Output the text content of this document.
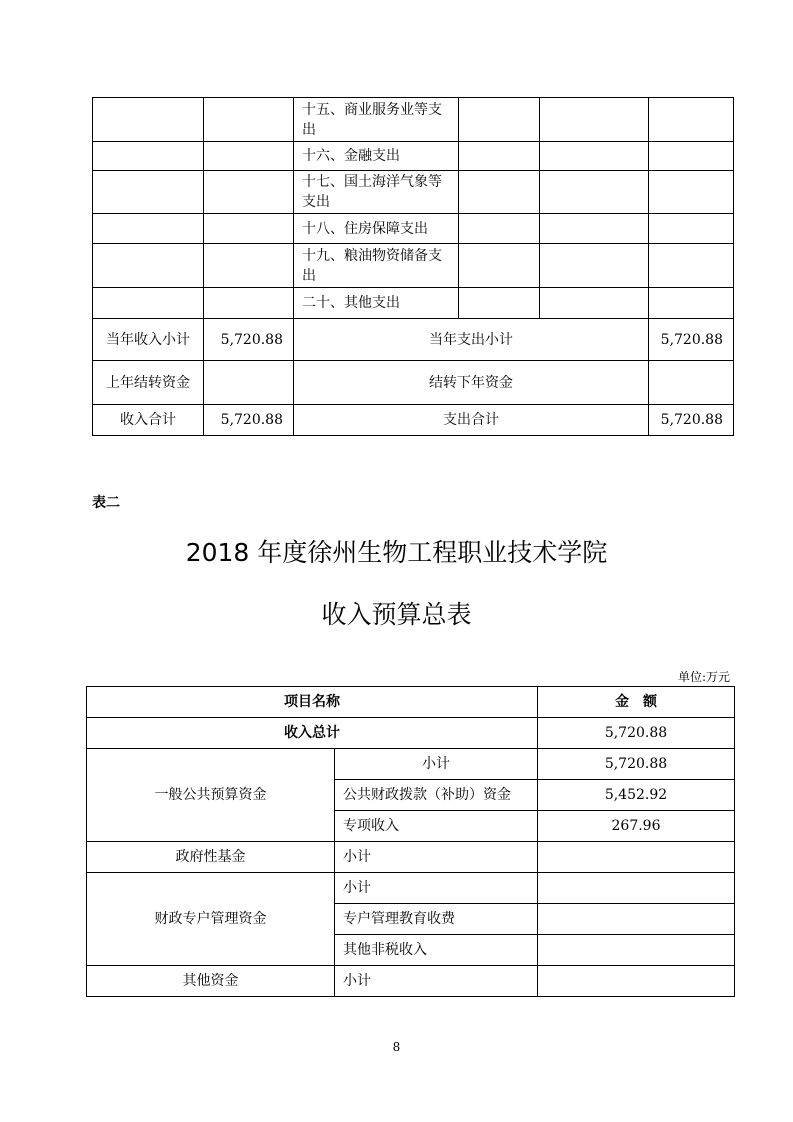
		十五、商业服务业等支出			
		十六、金融支出			
		十七、国土海洋气象等支出			
		十八、住房保障支出			
		十九、粮油物资储备支出			
		二十、其他支出			
当年收入小计	5,720.88	当年支出小计			5,720.88
上年结转资金		结转下年资金			
收入合计	5,720.88	支出合计			5,720.88
表二
2018 年度徐州生物工程职业技术学院
收入预算总表
单位:万元
项目名称		金　额
收入总计		5,720.88
一般公共预算资金	小计	5,720.88
	公共财政拨款（补助）资金	5,452.92
	专项收入	267.96
政府性基金	小计	
财政专户管理资金	小计	
	专户管理教育收费	
	其他非税收入	
其他资金	小计	
8
